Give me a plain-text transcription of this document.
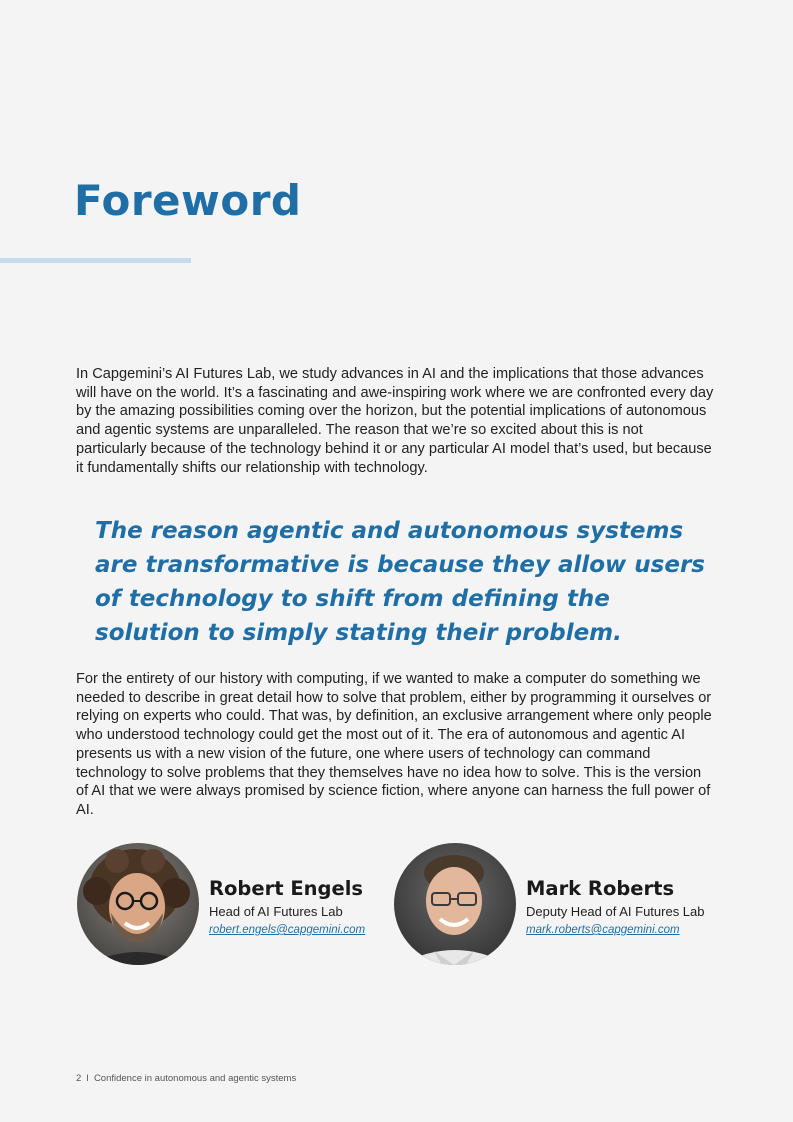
Foreword

In Capgemini’s AI Futures Lab, we study advances in AI and the implications that those advances will have on the world. It’s a fascinating and awe-inspiring work where we are confronted every day by the amazing possibilities coming over the horizon, but the potential implications of autonomous and agentic systems are unparalleled. The reason that we’re so excited about this is not particularly because of the technology behind it or any particular AI model that’s used, but because it fundamentally shifts our relationship with technology.

The reason agentic and autonomous systems are transformative is because they allow users of technology to shift from defining the solution to simply stating their problem.

For the entirety of our history with computing, if we wanted to make a computer do something we needed to describe in great detail how to solve that problem, either by programming it ourselves or relying on experts who could. That was, by definition, an exclusive arrangement where only people who understood technology could get the most out of it. The era of autonomous and agentic AI presents us with a new vision of the future, one where users of technology can command technology to solve problems that they themselves have no idea how to solve. This is the version of AI that we were always promised by science fiction, where anyone can harness the full power of AI.

Robert Engels

Head of AI Futures Lab
robert.engels@capgemini.com

Mark Roberts

Deputy Head of AI Futures Lab
mark.roberts@capgemini.com
2 I Confidence in autonomous and agentic systems
